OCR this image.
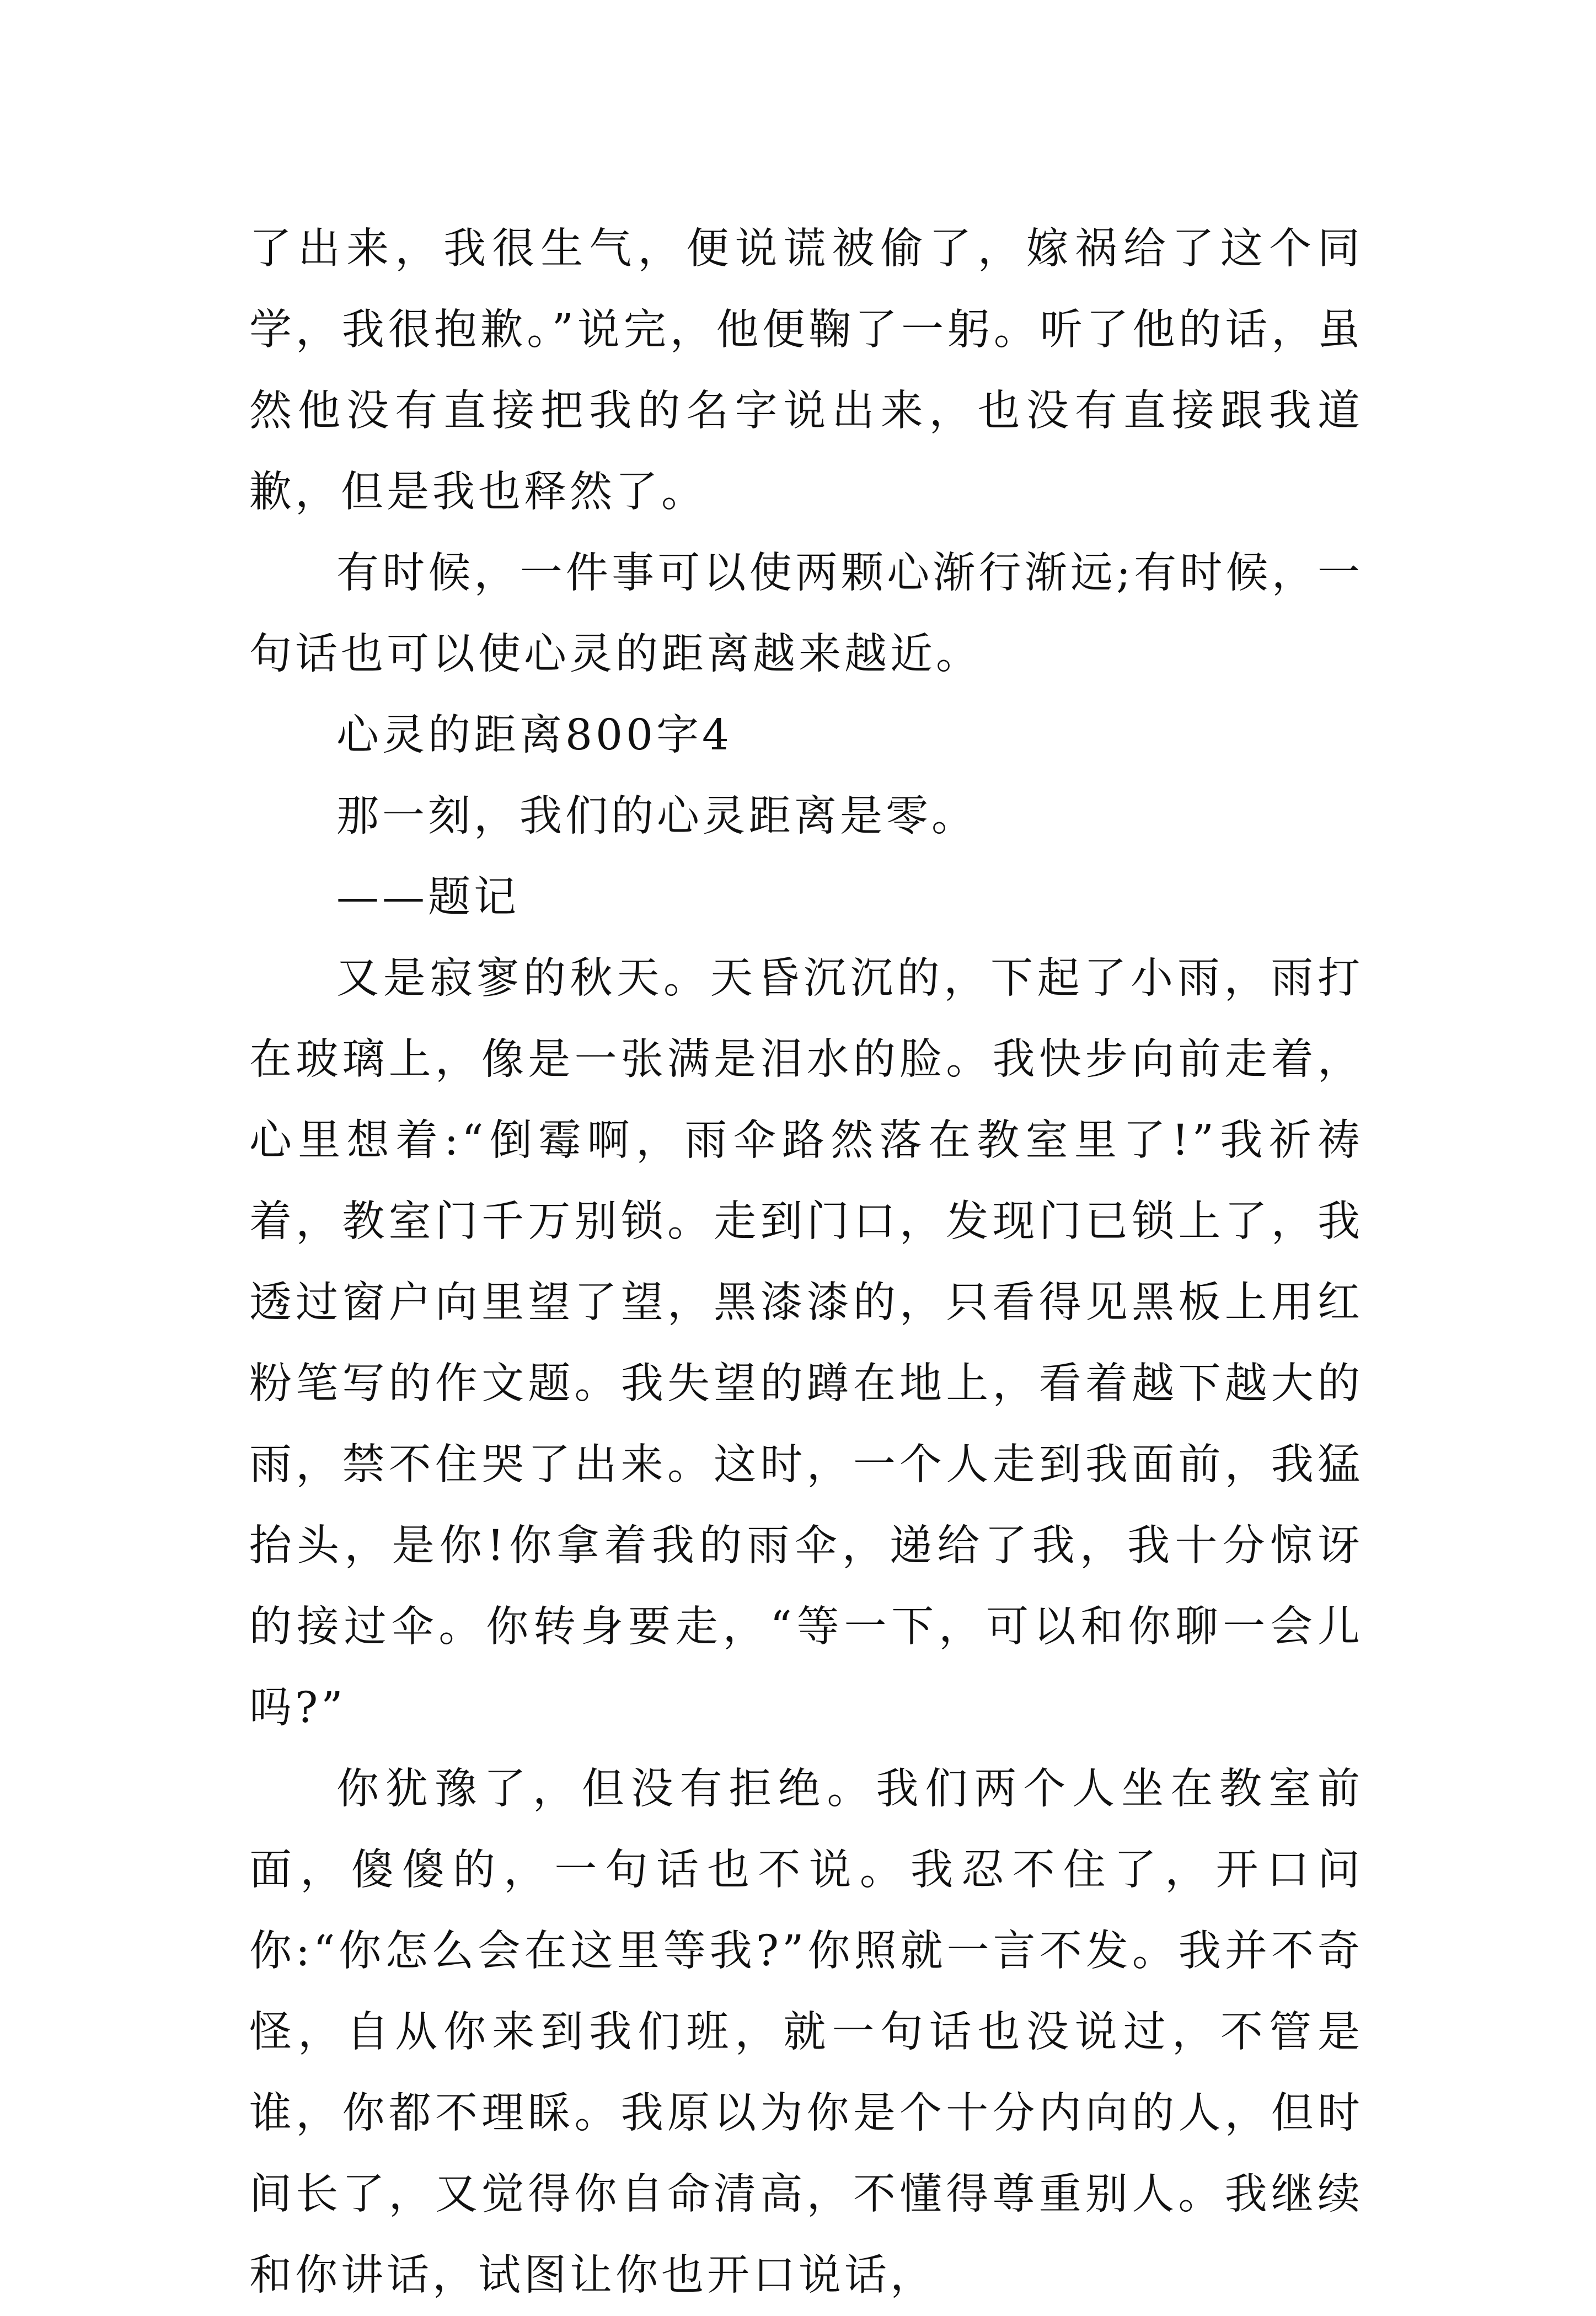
了出来，我很生气，便说谎被偷了，嫁祸给了这个同学，我很抱歉。”说完，他便鞠了一躬。听了他的话，虽然他没有直接把我的名字说出来，也没有直接跟我道歉，但是我也释然了。

有时候，一件事可以使两颗心渐行渐远;有时候，一句话也可以使心灵的距离越来越近。

心灵的距离800字4

那一刻，我们的心灵距离是零。

——题记

又是寂寥的秋天。天昏沉沉的，下起了小雨，雨打在玻璃上，像是一张满是泪水的脸。我快步向前走着，心里想着:“倒霉啊，雨伞路然落在教室里了!”我祈祷着，教室门千万别锁。走到门口，发现门已锁上了，我透过窗户向里望了望，黑漆漆的，只看得见黑板上用红粉笔写的作文题。我失望的蹲在地上，看着越下越大的雨，禁不住哭了出来。这时，一个人走到我面前，我猛抬头，是你!你拿着我的雨伞，递给了我，我十分惊讶的接过伞。你转身要走，“等一下，可以和你聊一会儿吗?”

你犹豫了，但没有拒绝。我们两个人坐在教室前面，傻傻的，一句话也不说。我忍不住了，开口问你:“你怎么会在这里等我?”你照就一言不发。我并不奇怪，自从你来到我们班，就一句话也没说过，不管是谁，你都不理睬。我原以为你是个十分内向的人，但时间长了，又觉得你自命清高，不懂得尊重别人。我继续和你讲话，试图让你也开口说话，
